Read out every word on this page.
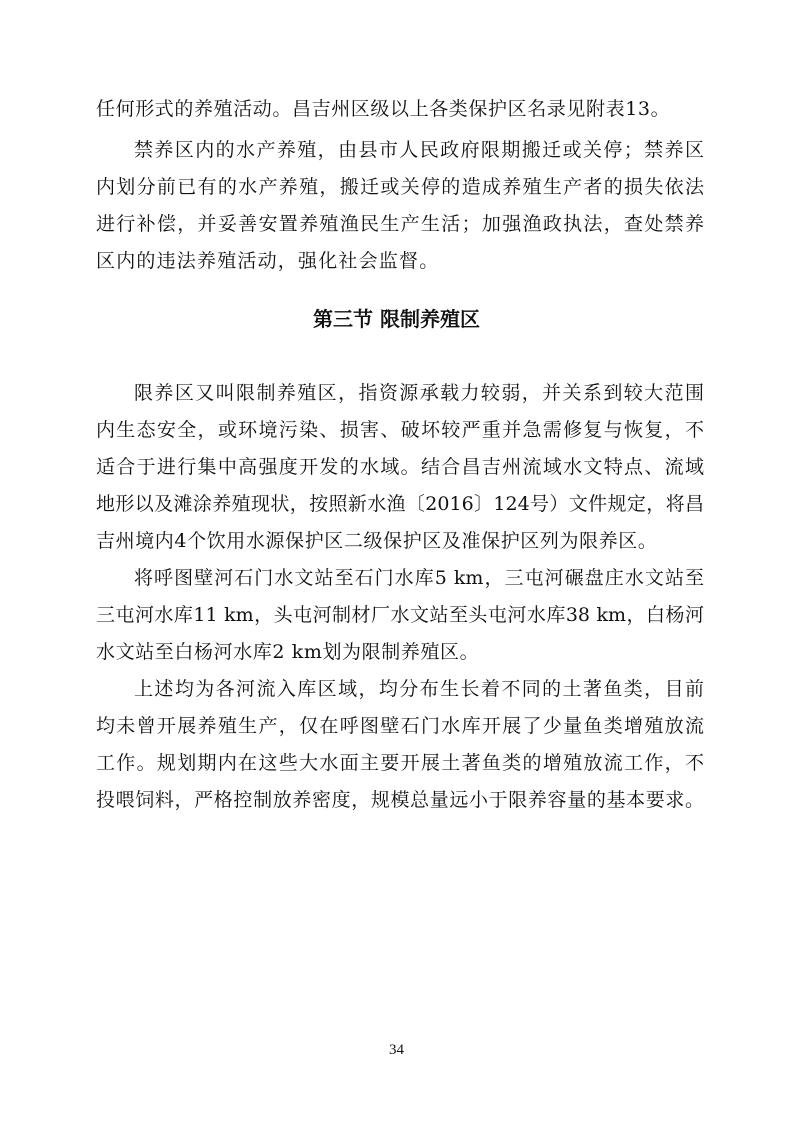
任何形式的养殖活动。昌吉州区级以上各类保护区名录见附表13。
禁养区内的水产养殖，由县市人民政府限期搬迁或关停；禁养区
内划分前已有的水产养殖，搬迁或关停的造成养殖生产者的损失依法
进行补偿，并妥善安置养殖渔民生产生活；加强渔政执法，查处禁养
区内的违法养殖活动，强化社会监督。
第三节 限制养殖区
限养区又叫限制养殖区，指资源承载力较弱，并关系到较大范围
内生态安全，或环境污染、损害、破坏较严重并急需修复与恢复，不
适合于进行集中高强度开发的水域。结合昌吉州流域水文特点、流域
地形以及滩涂养殖现状，按照新水渔〔2016〕124号）文件规定，将昌
吉州境内4个饮用水源保护区二级保护区及准保护区列为限养区。
将呼图壁河石门水文站至石门水库5 km，三屯河碾盘庄水文站至
三屯河水库11 km，头屯河制材厂水文站至头屯河水库38 km，白杨河
水文站至白杨河水库2 km划为限制养殖区。
上述均为各河流入库区域，均分布生长着不同的土著鱼类，目前
均未曾开展养殖生产，仅在呼图壁石门水库开展了少量鱼类增殖放流
工作。规划期内在这些大水面主要开展土著鱼类的增殖放流工作，不
投喂饲料，严格控制放养密度，规模总量远小于限养容量的基本要求。
34
